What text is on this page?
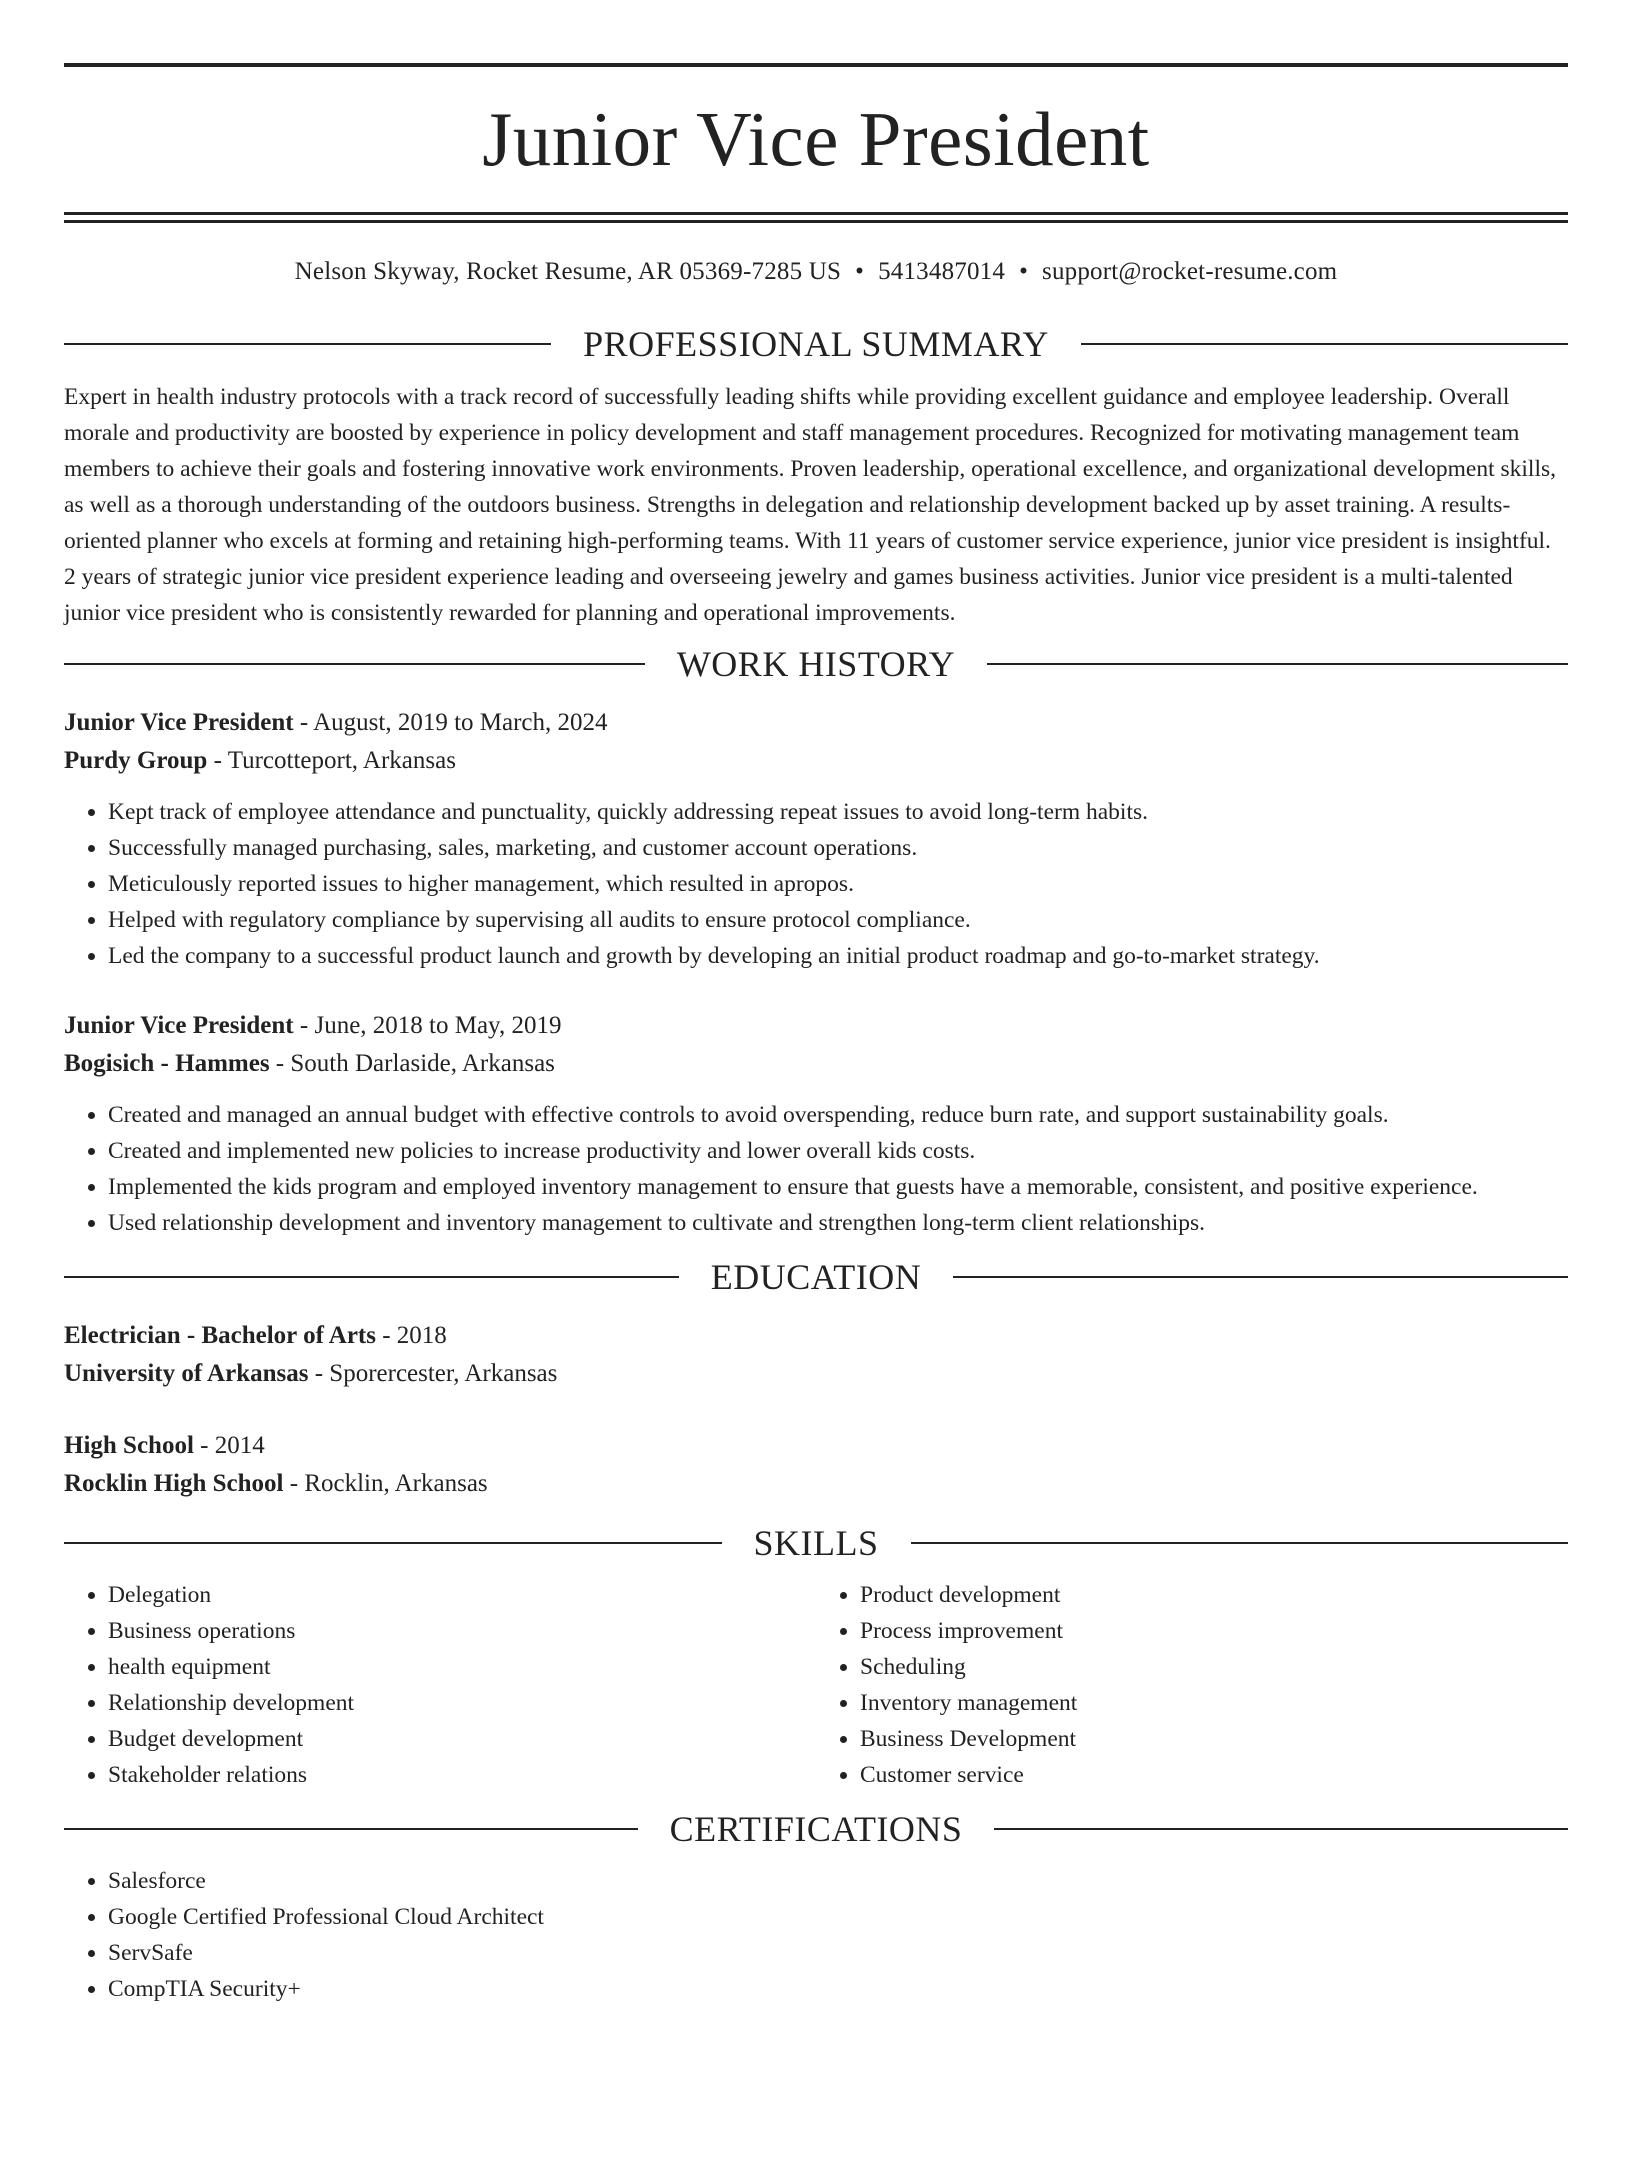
Junior Vice President
Nelson Skyway, Rocket Resume, AR 05369-7285 US • 5413487014 • support@rocket-resume.com
PROFESSIONAL SUMMARY

Expert in health industry protocols with a track record of successfully leading shifts while providing excellent guidance and employee leadership. Overall morale and productivity are boosted by experience in policy development and staff management procedures. Recognized for motivating management team members to achieve their goals and fostering innovative work environments. Proven leadership, operational excellence, and organizational development skills, as well as a thorough understanding of the outdoors business. Strengths in delegation and relationship development backed up by asset training. A results-oriented planner who excels at forming and retaining high-performing teams. With 11 years of customer service experience, junior vice president is insightful. 2 years of strategic junior vice president experience leading and overseeing jewelry and games business activities. Junior vice president is a multi-talented junior vice president who is consistently rewarded for planning and operational improvements.

WORK HISTORY
Junior Vice President - August, 2019 to March, 2024
Purdy Group - Turcotteport, Arkansas
• Kept track of employee attendance and punctuality, quickly addressing repeat issues to avoid long-term habits.
• Successfully managed purchasing, sales, marketing, and customer account operations.
• Meticulously reported issues to higher management, which resulted in apropos.
• Helped with regulatory compliance by supervising all audits to ensure protocol compliance.
• Led the company to a successful product launch and growth by developing an initial product roadmap and go-to-market strategy.
Junior Vice President - June, 2018 to May, 2019
Bogisich - Hammes - South Darlaside, Arkansas
• Created and managed an annual budget with effective controls to avoid overspending, reduce burn rate, and support sustainability goals.
• Created and implemented new policies to increase productivity and lower overall kids costs.
• Implemented the kids program and employed inventory management to ensure that guests have a memorable, consistent, and positive experience.
• Used relationship development and inventory management to cultivate and strengthen long-term client relationships.
EDUCATION
Electrician - Bachelor of Arts - 2018
University of Arkansas - Sporercester, Arkansas
High School - 2014
Rocklin High School - Rocklin, Arkansas
SKILLS
• Delegation
• Business operations
• health equipment
• Relationship development
• Budget development
• Stakeholder relations
• Product development
• Process improvement
• Scheduling
• Inventory management
• Business Development
• Customer service
CERTIFICATIONS
• Salesforce
• Google Certified Professional Cloud Architect
• ServSafe
• CompTIA Security+
